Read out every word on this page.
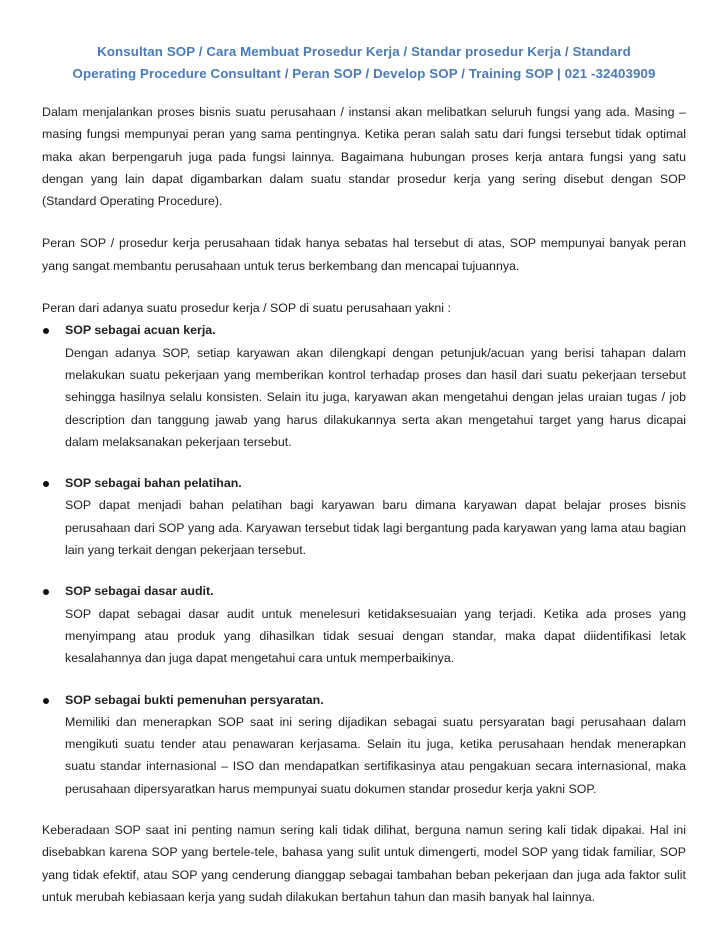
Konsultan SOP / Cara Membuat Prosedur Kerja / Standar prosedur Kerja / Standard
Operating Procedure Consultant / Peran SOP / Develop SOP / Training SOP | 021 -32403909

Dalam menjalankan proses bisnis suatu perusahaan / instansi akan melibatkan seluruh fungsi yang ada. Masing – masing fungsi mempunyai peran yang sama pentingnya. Ketika peran salah satu dari fungsi tersebut tidak optimal maka akan berpengaruh juga pada fungsi lainnya. Bagaimana hubungan proses kerja antara fungsi yang satu dengan yang lain dapat digambarkan dalam suatu standar prosedur kerja yang sering disebut dengan SOP (Standard Operating Procedure).

Peran SOP / prosedur kerja perusahaan tidak hanya sebatas hal tersebut di atas, SOP mempunyai banyak peran yang sangat membantu perusahaan untuk terus berkembang dan mencapai tujuannya.

Peran dari adanya suatu prosedur kerja / SOP di suatu perusahaan yakni :

SOP sebagai acuan kerja.

Dengan adanya SOP, setiap karyawan akan dilengkapi dengan petunjuk/acuan yang berisi tahapan dalam melakukan suatu pekerjaan yang memberikan kontrol terhadap proses dan hasil dari suatu pekerjaan tersebut sehingga hasilnya selalu konsisten. Selain itu juga, karyawan akan mengetahui dengan jelas uraian tugas / job description dan tanggung jawab yang harus dilakukannya serta akan mengetahui target yang harus dicapai dalam melaksanakan pekerjaan tersebut.

SOP sebagai bahan pelatihan.

SOP dapat menjadi bahan pelatihan bagi karyawan baru dimana karyawan dapat belajar proses bisnis perusahaan dari SOP yang ada. Karyawan tersebut tidak lagi bergantung pada karyawan yang lama atau bagian lain yang terkait dengan pekerjaan tersebut.

SOP sebagai dasar audit.

SOP dapat sebagai dasar audit untuk menelesuri ketidaksesuaian yang terjadi. Ketika ada proses yang menyimpang atau produk yang dihasilkan tidak sesuai dengan standar, maka dapat diidentifikasi letak kesalahannya dan juga dapat mengetahui cara untuk memperbaikinya.

SOP sebagai bukti pemenuhan persyaratan.

Memiliki dan menerapkan SOP saat ini sering dijadikan sebagai suatu persyaratan bagi perusahaan dalam mengikuti suatu tender atau penawaran kerjasama. Selain itu juga, ketika perusahaan hendak menerapkan suatu standar internasional – ISO dan mendapatkan sertifikasinya atau pengakuan secara internasional, maka perusahaan dipersyaratkan harus mempunyai suatu dokumen standar prosedur kerja yakni SOP.

Keberadaan SOP saat ini penting namun sering kali tidak dilihat, berguna namun sering kali tidak dipakai. Hal ini disebabkan karena SOP yang bertele-tele, bahasa yang sulit untuk dimengerti, model SOP yang tidak familiar, SOP yang tidak efektif, atau SOP yang cenderung dianggap sebagai tambahan beban pekerjaan dan juga ada faktor sulit untuk merubah kebiasaan kerja yang sudah dilakukan bertahun tahun dan masih banyak hal lainnya.
